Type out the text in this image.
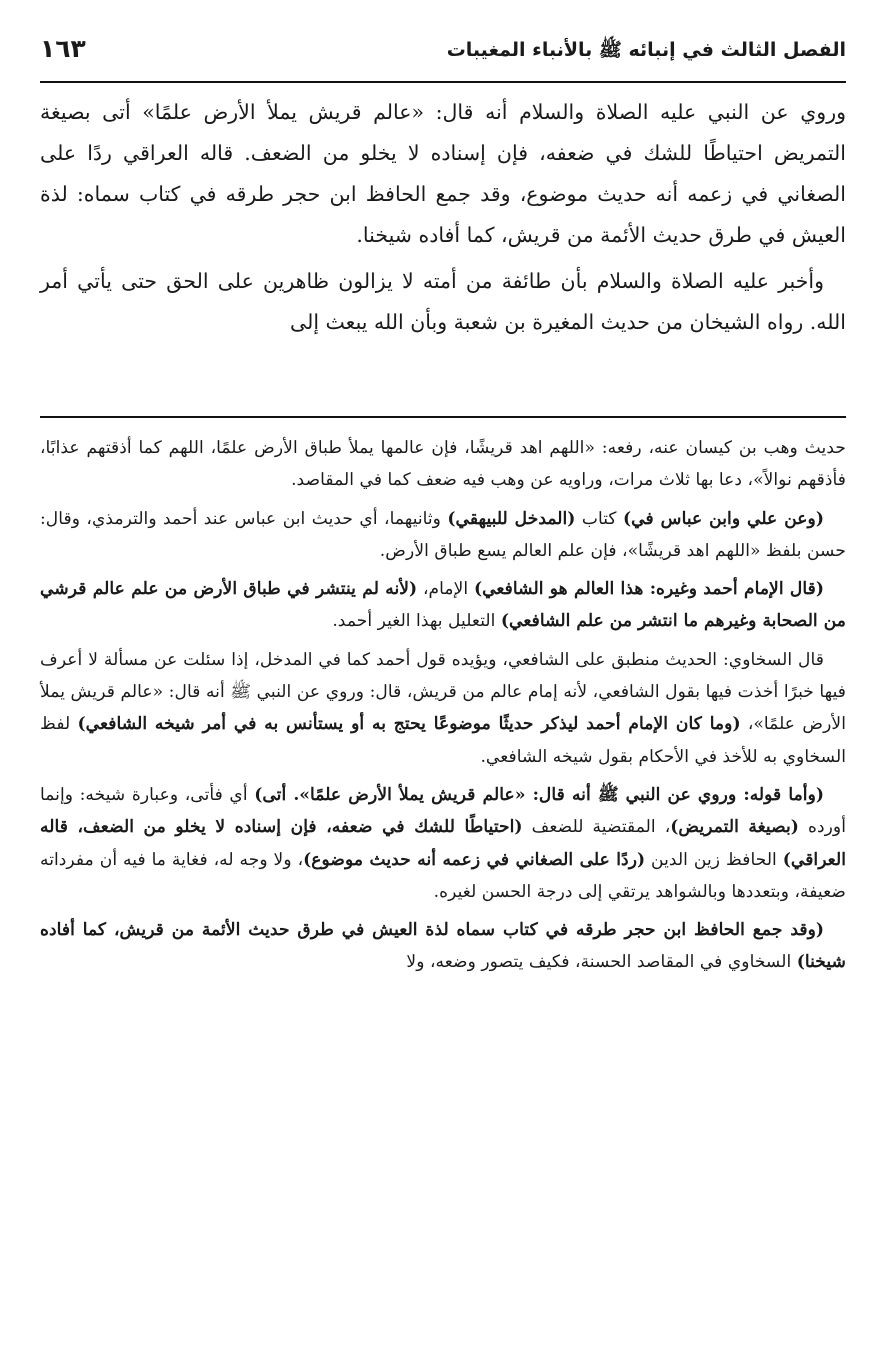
الفصل الثالث في إنبائه ﷺ بالأنباء المغيبات
١٦٣

وروي عن النبي عليه الصلاة والسلام أنه قال: «عالم قريش يملأ الأرض علمًا» أتى بصيغة التمريض احتياطًا للشك في ضعفه، فإن إسناده لا يخلو من الضعف. قاله العراقي ردًا على الصغاني في زعمه أنه حديث موضوع، وقد جمع الحافظ ابن حجر طرقه في كتاب سماه: لذة العيش في طرق حديث الأئمة من قريش، كما أفاده شيخنا.

وأخبر عليه الصلاة والسلام بأن طائفة من أمته لا يزالون ظاهرين على الحق حتى يأتي أمر الله. رواه الشيخان من حديث المغيرة بن شعبة وبأن الله يبعث إلى

حديث وهب بن كيسان عنه، رفعه: «اللهم اهد قريشًا، فإن عالمها يملأ طباق الأرض علمًا، اللهم كما أذقتهم عذابًا، فأذقهم نوالاً»، دعا بها ثلاث مرات، وراويه عن وهب فيه ضعف كما في المقاصد.

(وعن علي وابن عباس في) كتاب (المدخل للبيهقي) وثانيهما، أي حديث ابن عباس عند أحمد والترمذي، وقال: حسن بلفظ «اللهم اهد قريشًا»، فإن علم العالم يسع طباق الأرض.

(قال الإمام أحمد وغيره: هذا العالم هو الشافعي) الإمام، (لأنه لم ينتشر في طباق الأرض من علم عالم قرشي من الصحابة وغيرهم ما انتشر من علم الشافعي) التعليل بهذا الغير أحمد.

قال السخاوي: الحديث منطبق على الشافعي، ويؤيده قول أحمد كما في المدخل، إذا سئلت عن مسألة لا أعرف فيها خبرًا أخذت فيها بقول الشافعي، لأنه إمام عالم من قريش، قال: وروي عن النبي ﷺ أنه قال: «عالم قريش يملأ الأرض علمًا»، (وما كان الإمام أحمد ليذكر حديثًا موضوعًا يحتج به أو يستأنس به في أمر شيخه الشافعي) لفظ السخاوي به للأخذ في الأحكام بقول شيخه الشافعي.

(وأما قوله: وروي عن النبي ﷺ أنه قال: «عالم قريش يملأ الأرض علمًا». أتى) أي فأتى، وعبارة شيخه: وإنما أورده (بصيغة التمريض)، المقتضية للضعف (احتياطًا للشك في ضعفه، فإن إسناده لا يخلو من الضعف، قاله العراقي) الحافظ زين الدين (ردًا على الصغاني في زعمه أنه حديث موضوع)، ولا وجه له، فغاية ما فيه أن مفرداته ضعيفة، وبتعددها وبالشواهد يرتقي إلى درجة الحسن لغيره.

(وقد جمع الحافظ ابن حجر طرقه في كتاب سماه لذة العيش في طرق حديث الأئمة من قريش، كما أفاده شيخنا) السخاوي في المقاصد الحسنة، فكيف يتصور وضعه، ولا
